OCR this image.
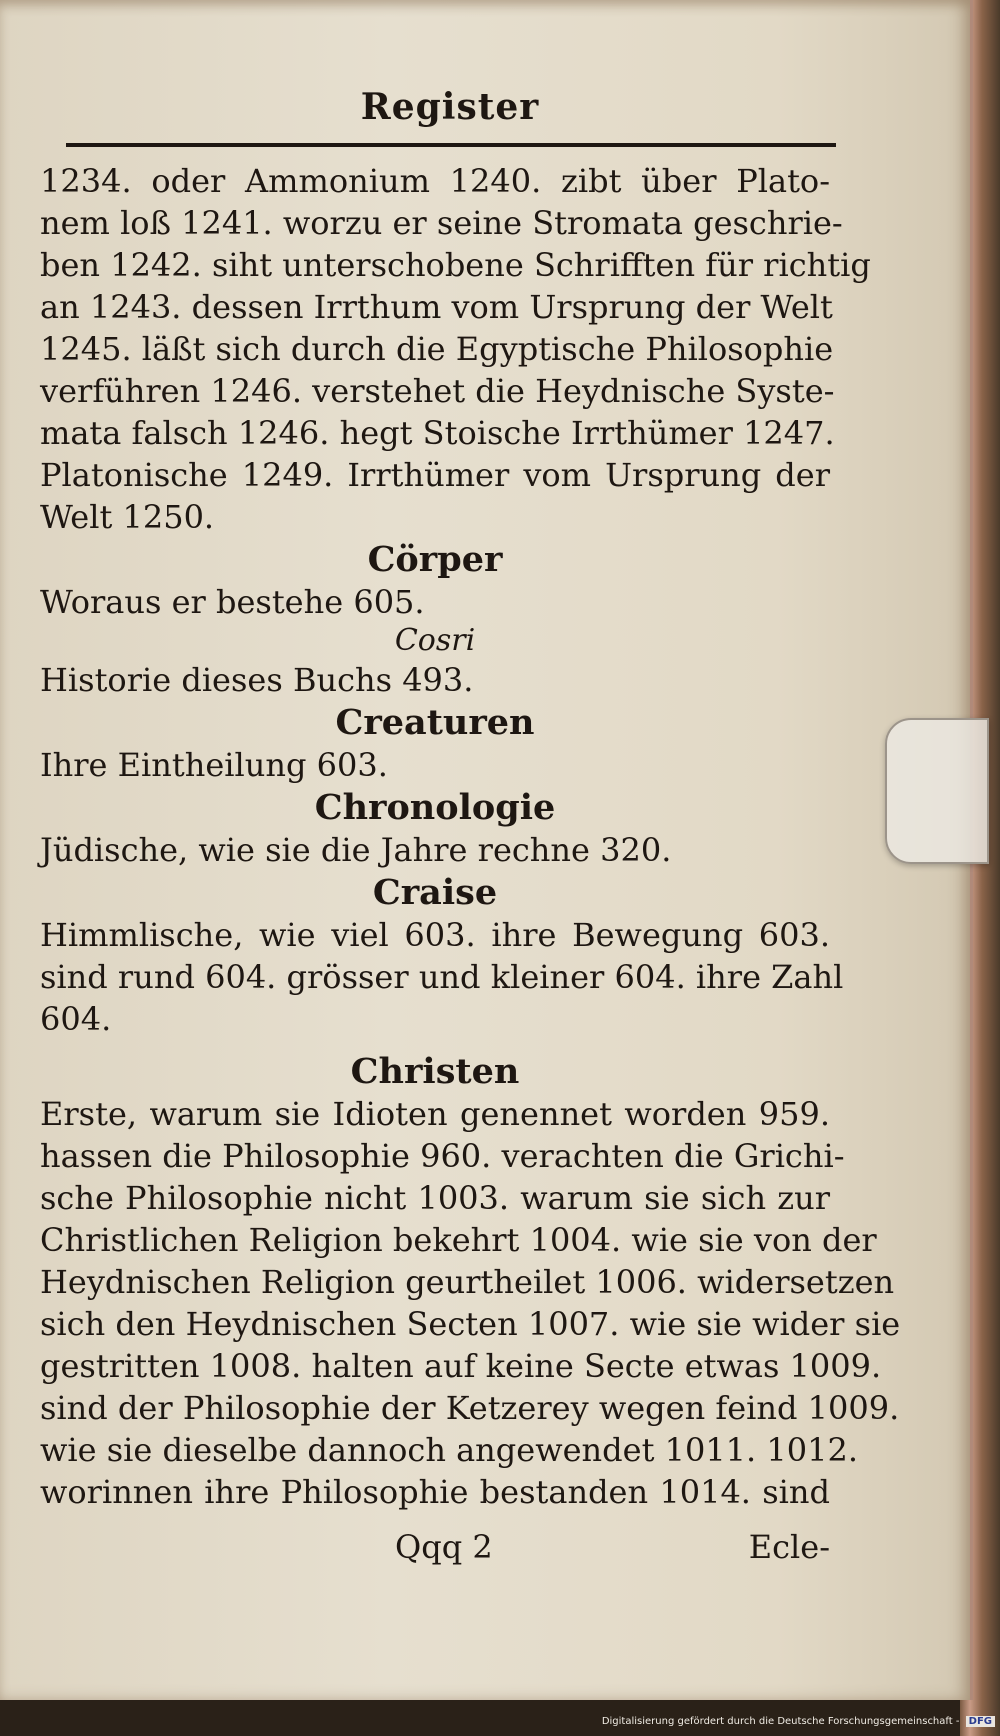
Register
1234. oder Ammonium 1240. zibt über Plato-
nem loß 1241. worzu er seine Stromata geschrie-
ben 1242. siht unterschobene Schrifften für richtig
an 1243. dessen Irrthum vom Ursprung der Welt
1245. läßt sich durch die Egyptische Philosophie
verführen 1246. verstehet die Heydnische Syste-
mata falsch 1246. hegt Stoische Irrthümer 1247.
Platonische 1249. Irrthümer vom Ursprung der
Welt 1250.
Cörper
Woraus er bestehe 605.
Cosri
Historie dieses Buchs 493.
Creaturen
Ihre Eintheilung 603.
Chronologie
Jüdische, wie sie die Jahre rechne 320.
Craise
Himmlische, wie viel 603. ihre Bewegung 603.
sind rund 604. grösser und kleiner 604. ihre Zahl
604.
Christen
Erste, warum sie Idioten genennet worden 959.
hassen die Philosophie 960. verachten die Grichi-
sche Philosophie nicht 1003. warum sie sich zur
Christlichen Religion bekehrt 1004. wie sie von der
Heydnischen Religion geurtheilet 1006. widersetzen
sich den Heydnischen Secten 1007. wie sie wider sie
gestritten 1008. halten auf keine Secte etwas 1009.
sind der Philosophie der Ketzerey wegen feind 1009.
wie sie dieselbe dannoch angewendet 1011. 1012.
worinnen ihre Philosophie bestanden 1014. sind
Qqq 2	Ecle-
Digitalisierung gefördert durch die Deutsche Forschungsgemeinschaft - DFG
